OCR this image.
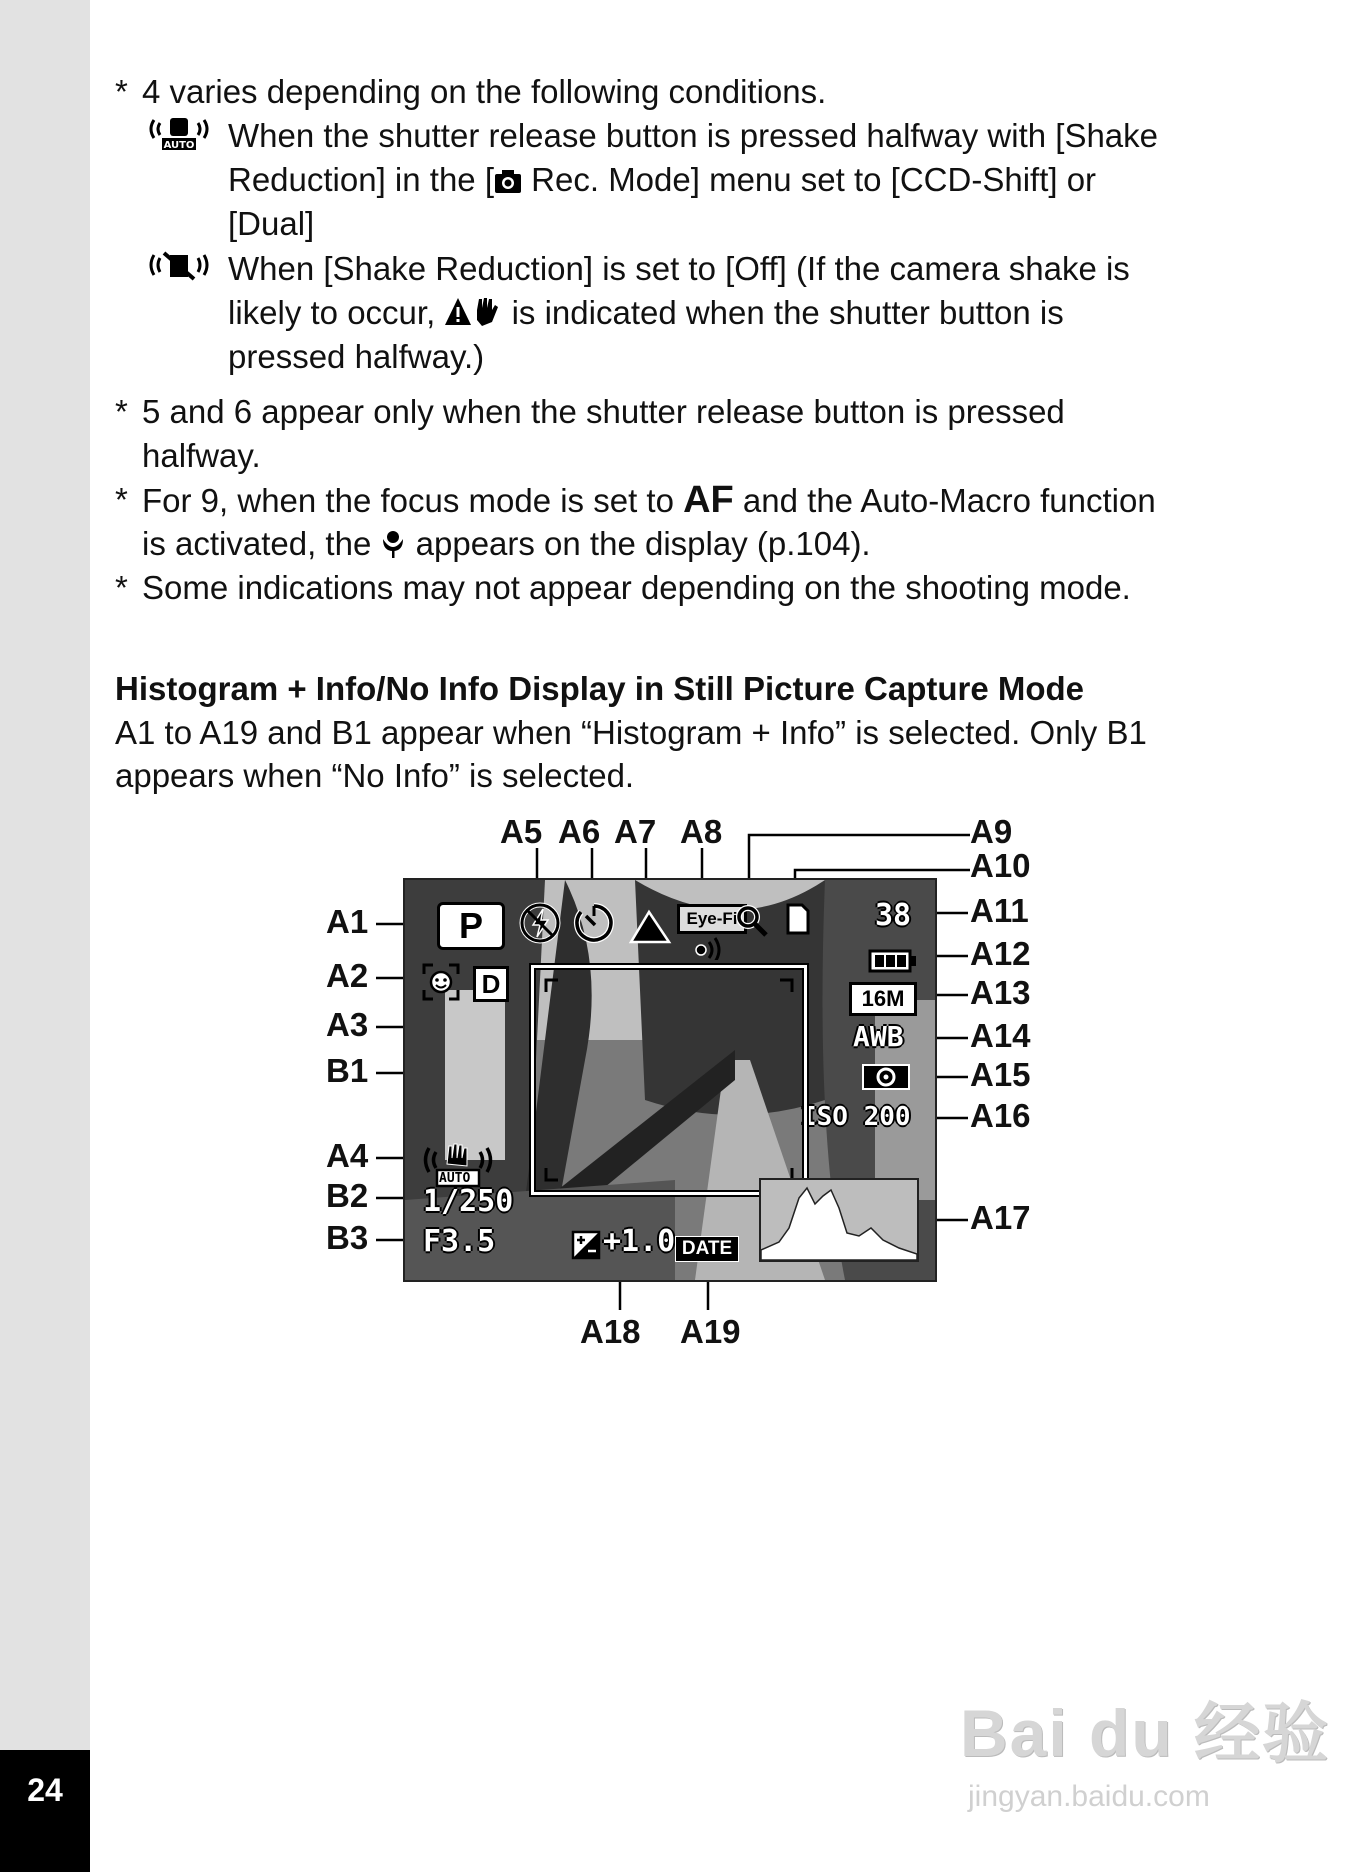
24
* 4 varies depending on the following conditions.
AUTO When the shutter release button is pressed halfway with [Shake
Reduction] in the [ Rec. Mode] menu set to [CCD-Shift] or
[Dual]
When [Shake Reduction] is set to [Off] (If the camera shake is
likely to occur,  is indicated when the shutter button is
pressed halfway.)
* 5 and 6 appear only when the shutter release button is pressed
halfway.
* For 9, when the focus mode is set to AF and the Auto-Macro function
is activated, the  appears on the display (p.104).
* Some indications may not appear depending on the shooting mode.
Histogram + Info/No Info Display in Still Picture Capture Mode
A1 to A19 and B1 appear when “Histogram + Info” is selected. Only B1
appears when “No Info” is selected.
P	Eye-Fi	38
16M
AWB
ISO 200
D
AUTO
1/250
F3.5	+1.0 DATE
A5 A6 A7 A8	A9
A10
A11
A12
A13
A14
A15
A16
A17
A1
A2
A3
B1
A4
B2
B3
A18 A19
Bai du 经验
jingyan.baidu.com
